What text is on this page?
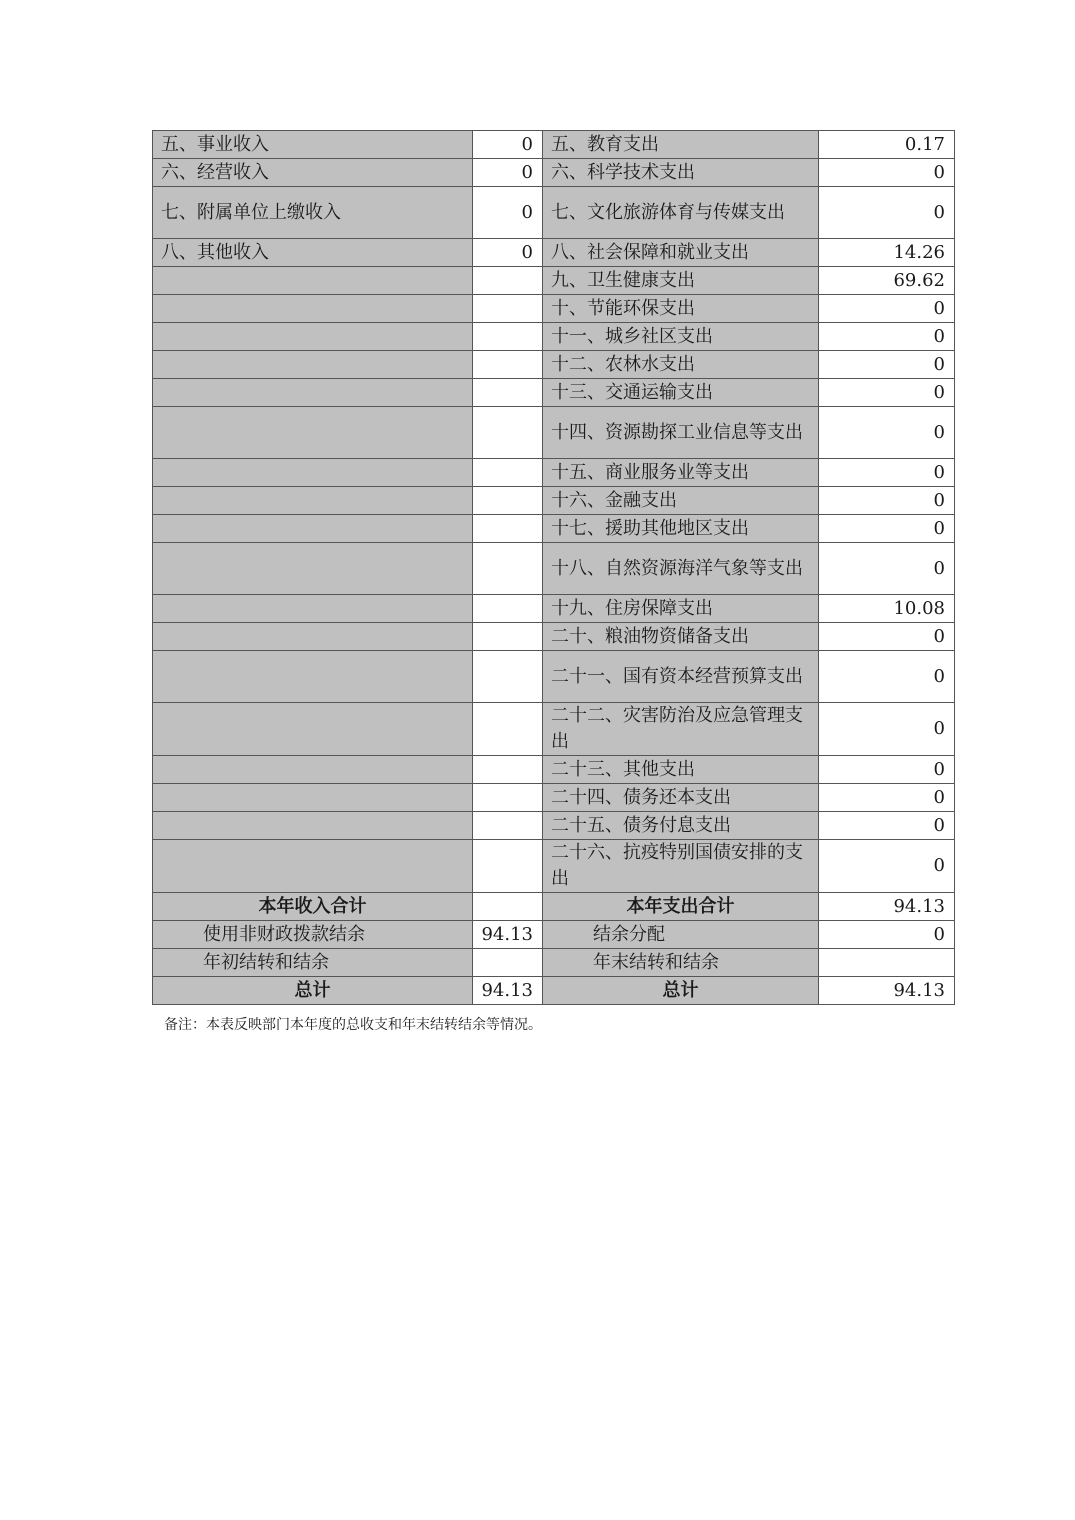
五、事业收入	0	五、教育支出	0.17
六、经营收入	0	六、科学技术支出	0
七、附属单位上缴收入	0	七、文化旅游体育与传媒支出	0
八、其他收入	0	八、社会保障和就业支出	14.26
		九、卫生健康支出	69.62
		十、节能环保支出	0
		十一、城乡社区支出	0
		十二、农林水支出	0
		十三、交通运输支出	0
		十四、资源勘探工业信息等支出	0
		十五、商业服务业等支出	0
		十六、金融支出	0
		十七、援助其他地区支出	0
		十八、自然资源海洋气象等支出	0
		十九、住房保障支出	10.08
		二十、粮油物资储备支出	0
		二十一、国有资本经营预算支出	0
		二十二、灾害防治及应急管理支出	0
		二十三、其他支出	0
		二十四、债务还本支出	0
		二十五、债务付息支出	0
		二十六、抗疫特别国债安排的支出	0
本年收入合计		本年支出合计	94.13
使用非财政拨款结余	94.13	结余分配	0
年初结转和结余		年末结转和结余	
总计	94.13	总计	94.13
备注：本表反映部门本年度的总收支和年末结转结余等情况。
